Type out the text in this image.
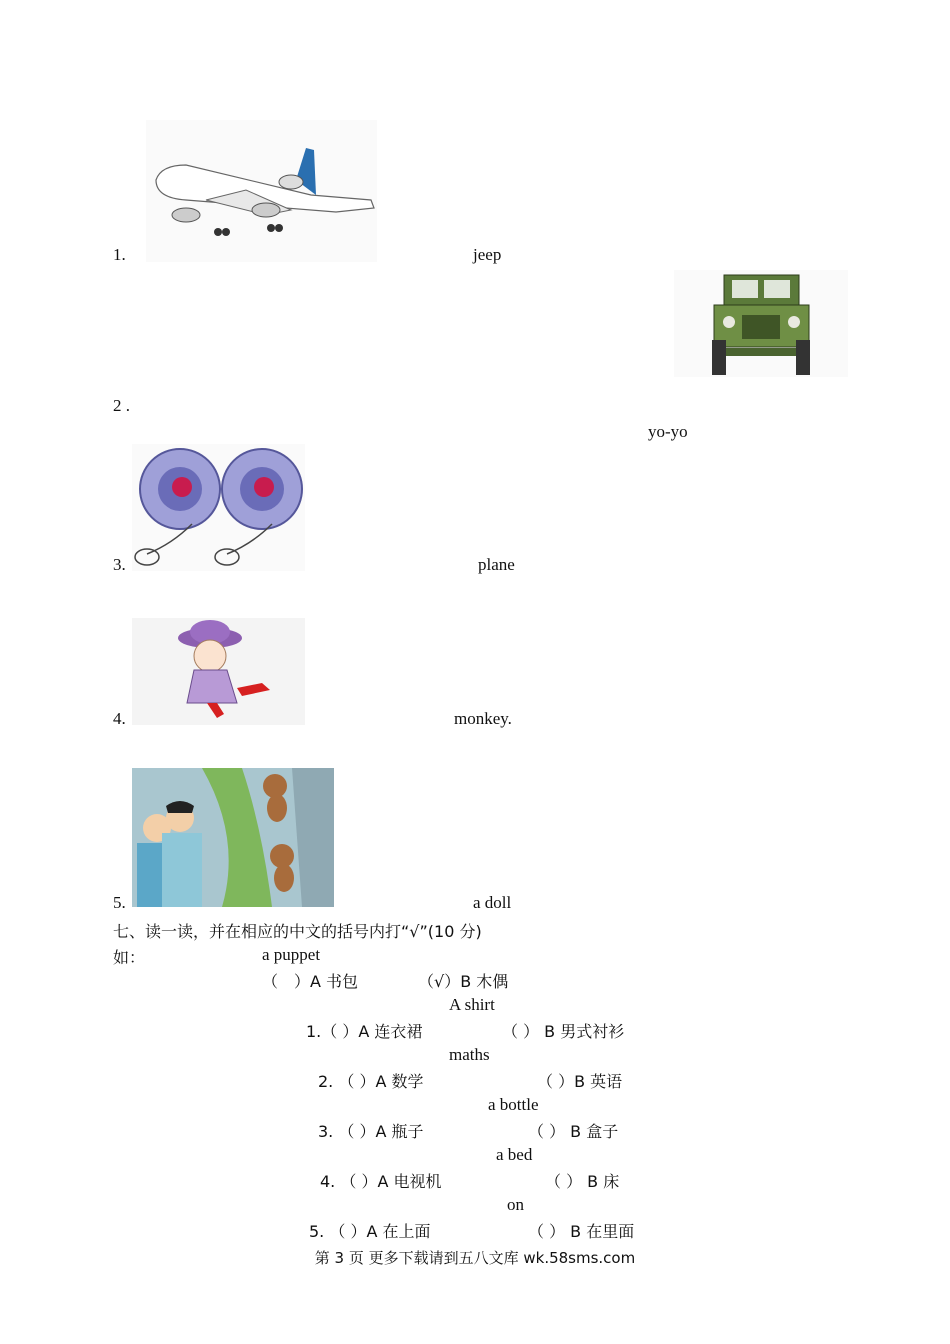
1.	jeep
2 .
yo-yo
3.	plane
4.	monkey.
5.	a doll
七、读一读，并在相应的中文的括号内打“√”(10 分)
如：	a puppet
（　）A 书包	（√）B 木偶
A shirt
1.（ ）A 连衣裙	（ ） B 男式衬衫
maths
2. （ ）A 数学	（ ）B 英语
a bottle
3. （ ）A 瓶子	（ ） B 盒子
a bed
4. （ ）A 电视机	（ ） B 床
on
5. （ ）A 在上面	（ ） B 在里面
第 3 页 更多下载请到五八文库 wk.58sms.com
